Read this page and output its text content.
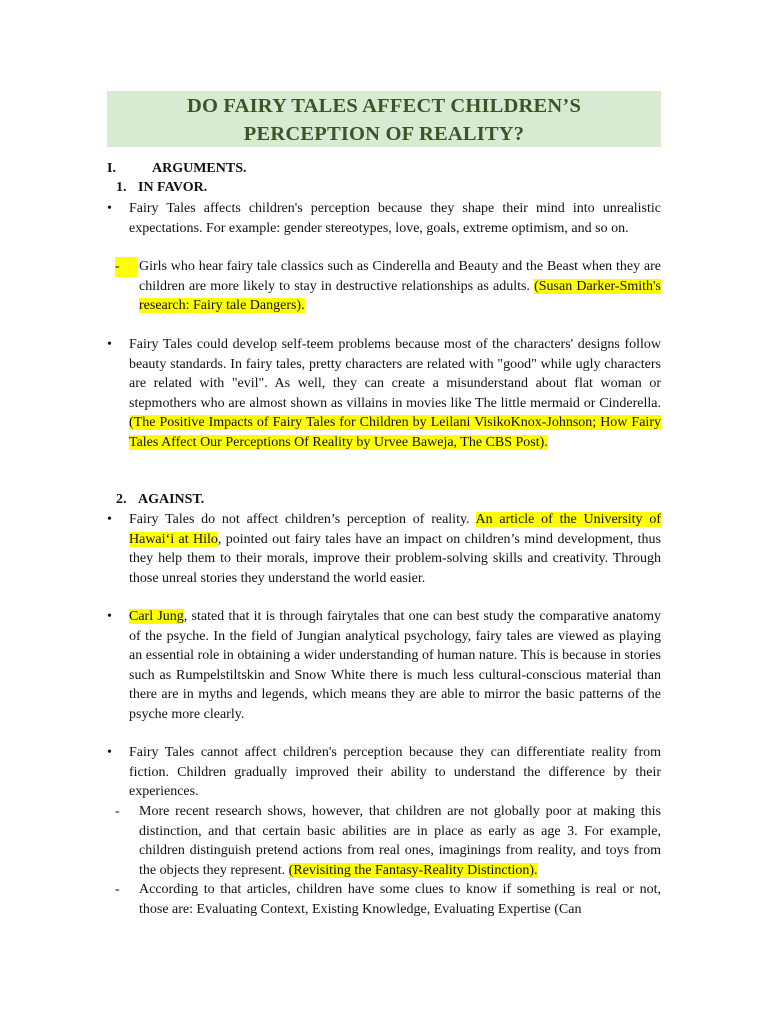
DO FAIRY TALES AFFECT CHILDREN’S
PERCEPTION OF REALITY?
I.	ARGUMENTS.
1. IN FAVOR.
• Fairy Tales affects children's perception because they shape their mind into unrealistic expectations. For example: gender stereotypes, love, goals, extreme optimism, and so on.
-	Girls who hear fairy tale classics such as Cinderella and Beauty and the Beast when they are children are more likely to stay in destructive relationships as adults. (Susan Darker-Smith's research: Fairy tale Dangers).
• Fairy Tales could develop self-teem problems because most of the characters' designs follow beauty standards. In fairy tales, pretty characters are related with "good" while ugly characters are related with "evil". As well, they can create a misunderstand about flat woman or stepmothers who are almost shown as villains in movies like The little mermaid or Cinderella. (The Positive Impacts of Fairy Tales for Children by Leilani VisikoKnox-Johnson; How Fairy Tales Affect Our Perceptions Of Reality by Urvee Baweja, The CBS Post).
2. AGAINST.
• Fairy Tales do not affect children’s perception of reality. An article of the University of Hawaiʻi at Hilo, pointed out fairy tales have an impact on children’s mind development, thus they help them to their morals, improve their problem-solving skills and creativity. Through those unreal stories they understand the world easier.
• Carl Jung, stated that it is through fairytales that one can best study the comparative anatomy of the psyche. In the field of Jungian analytical psychology, fairy tales are viewed as playing an essential role in obtaining a wider understanding of human nature. This is because in stories such as Rumpelstiltskin and Snow White there is much less cultural-conscious material than there are in myths and legends, which means they are able to mirror the basic patterns of the psyche more clearly.
• Fairy Tales cannot affect children's perception because they can differentiate reality from fiction. Children gradually improved their ability to understand the difference by their experiences.
- More recent research shows, however, that children are not globally poor at making this distinction, and that certain basic abilities are in place as early as age 3. For example, children distinguish pretend actions from real ones, imaginings from reality, and toys from the objects they represent. (Revisiting the Fantasy-Reality Distinction).
- According to that articles, children have some clues to know if something is real or not, those are: Evaluating Context, Existing Knowledge, Evaluating Expertise (Can
